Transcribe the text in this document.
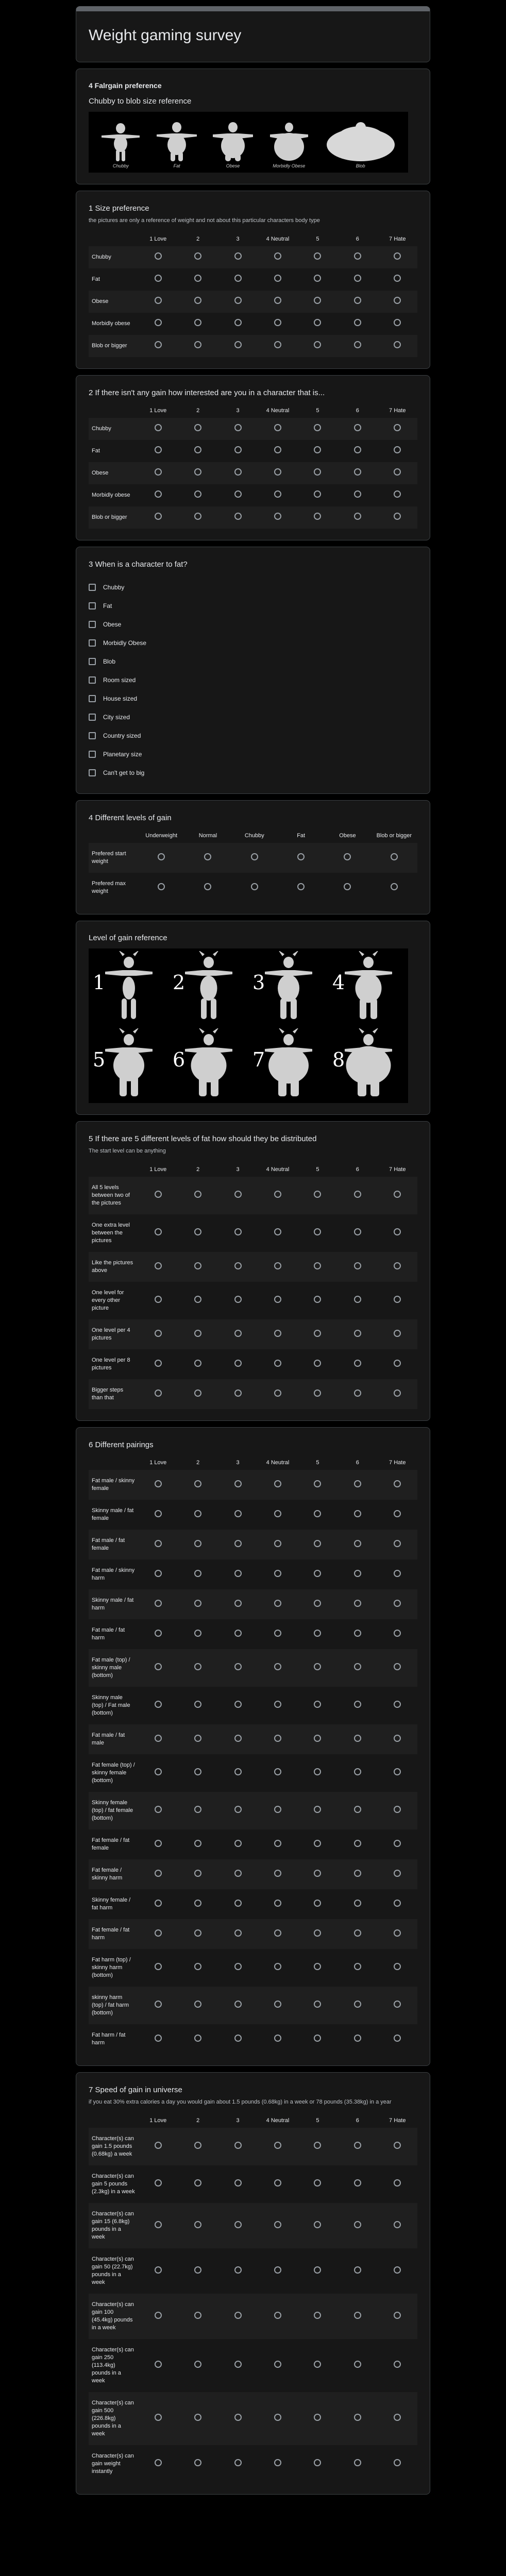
Weight gaming survey
4 Falrgain preference
Chubby to blob size reference
Chubby	Fat	Obese	Morbidly Obese	Blob
1 Size preference
the pictures are only a reference of weight and not about this particular characters body type
	1 Love	2	3	4 Neutral	5	6	7 Hate
Chubby							
Fat							
Obese							
Morbidly obese							
Blob or bigger							
2 If there isn't any gain how interested are you in a character that is...
	1 Love	2	3	4 Neutral	5	6	7 Hate
Chubby							
Fat							
Obese							
Morbidly obese							
Blob or bigger							
3 When is a character to fat?
Chubby
Fat
Obese
Morbidly Obese
Blob
Room sized
House sized
City sized
Country sized
Planetary size
Can't get to big
4 Different levels of gain
	Underweight	Normal	Chubby	Fat	Obese	Blob or bigger
Prefered start weight						
Prefered max weight						
Level of gain reference
1	2	3	4
5	6	7	8
5 If there are 5 different levels of fat how should they be distributed
The start level can be anything
	1 Love	2	3	4 Neutral	5	6	7 Hate
All 5 levels between two of the pictures							
One extra level between the pictures							
Like the pictures above							
One level for every other picture							
One level per 4 pictures							
One level per 8 pictures							
Bigger steps than that							
6 Different pairings
	1 Love	2	3	4 Neutral	5	6	7 Hate
Fat male / skinny female							
Skinny male / fat female							
Fat male / fat female							
Fat male / skinny harm							
Skinny male / fat harm							
Fat male / fat harm							
Fat male (top) / skinny male (bottom)							
Skinny male (top) / Fat male (bottom)							
Fat male / fat male							
Fat female (top) / skinny female (bottom)							
Skinny female (top) / fat female (bottom)							
Fat female / fat female							
Fat female / skinny harm							
Skinny female / fat harm							
Fat female / fat harm							
Fat harm (top) / skinny harm (bottom)							
skinny harm (top) / fat harm (bottom)							
Fat harm / fat harm							
7 Speed of gain in universe
if you eat 30% extra calories a day you would gain about 1.5 pounds (0.68kg) in a week or 78 pounds (35.38kg) in a year
	1 Love	2	3	4 Neutral	5	6	7 Hate
Character(s) can gain 1.5 pounds (0.68kg) a week							
Character(s) can gain 5 pounds (2.3kg) in a week							
Character(s) can gain 15 (6.8kg) pounds in a week							
Character(s) can gain 50 (22.7kg) pounds in a week							
Character(s) can gain 100 (45.4kg) pounds in a week							
Character(s) can gain 250 (113.4kg) pounds in a week							
Character(s) can gain 500 (226.8kg) pounds in a week							
Character(s) can gain weight instantly							
